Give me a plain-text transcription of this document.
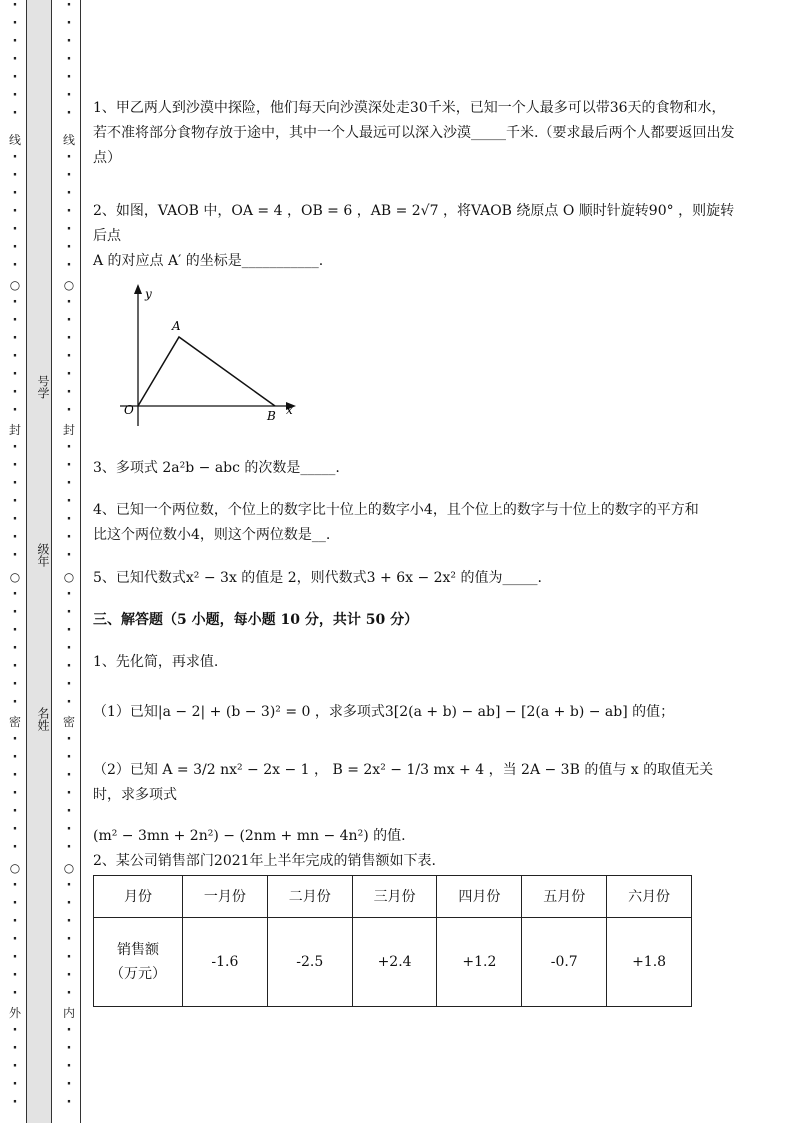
·
·
·
·
·
·
·
线
·
·
·
·
·
·
·
○
·
·
·
·
·
·
·
封
·
·
·
·
·
·
·
○
·
·
·
·
·
·
·
密
·
·
·
·
·
·
·
○
·
·
·
·
·
·
·
外
·
·
·
·
·
号学
级年
名姓
·
·
·
·
·
·
·
线
·
·
·
·
·
·
·
○
·
·
·
·
·
·
·
封
·
·
·
·
·
·
·
○
·
·
·
·
·
·
·
密
·
·
·
·
·
·
·
○
·
·
·
·
·
·
·
内
·
·
·
·
·
1、甲乙两人到沙漠中探险，他们每天向沙漠深处走30千米，已知一个人最多可以带36天的食物和水，若不准将部分食物存放于途中，其中一个人最远可以深入沙漠_____千米.（要求最后两个人都要返回出发点）
2、如图，VAOB 中，OA = 4 ，OB = 6 ，AB = 2√7 ，将VAOB 绕原点 O 顺时针旋转90° ，则旋转后点
A 的对应点 A′ 的坐标是___________.
y
x
A
O	B
3、多项式 2a²b − abc 的次数是_____.
4、已知一个两位数，个位上的数字比十位上的数字小4，且个位上的数字与十位上的数字的平方和
比这个两位数小4，则这个两位数是__.
5、已知代数式x² − 3x 的值是 2，则代数式3 + 6x − 2x² 的值为_____.
三、解答题（5 小题，每小题 10 分，共计 50 分）
1、先化简，再求值.
（1）已知|a − 2| + (b − 3)² = 0 ，求多项式3[2(a + b) − ab] − [2(a + b) − ab] 的值；
（2）已知 A = 3/2 nx² − 2x − 1 ， B = 2x² − 1/3 mx + 4 ，当 2A − 3B 的值与 x 的取值无关时，求多项式
(m² − 3mn + 2n²) − (2nm + mn − 4n²) 的值.
2、某公司销售部门2021年上半年完成的销售额如下表.
月份	一月份	二月份	三月份	四月份	五月份	六月份
销售额（万元）	-1.6	-2.5	+2.4	+1.2	-0.7	+1.8
